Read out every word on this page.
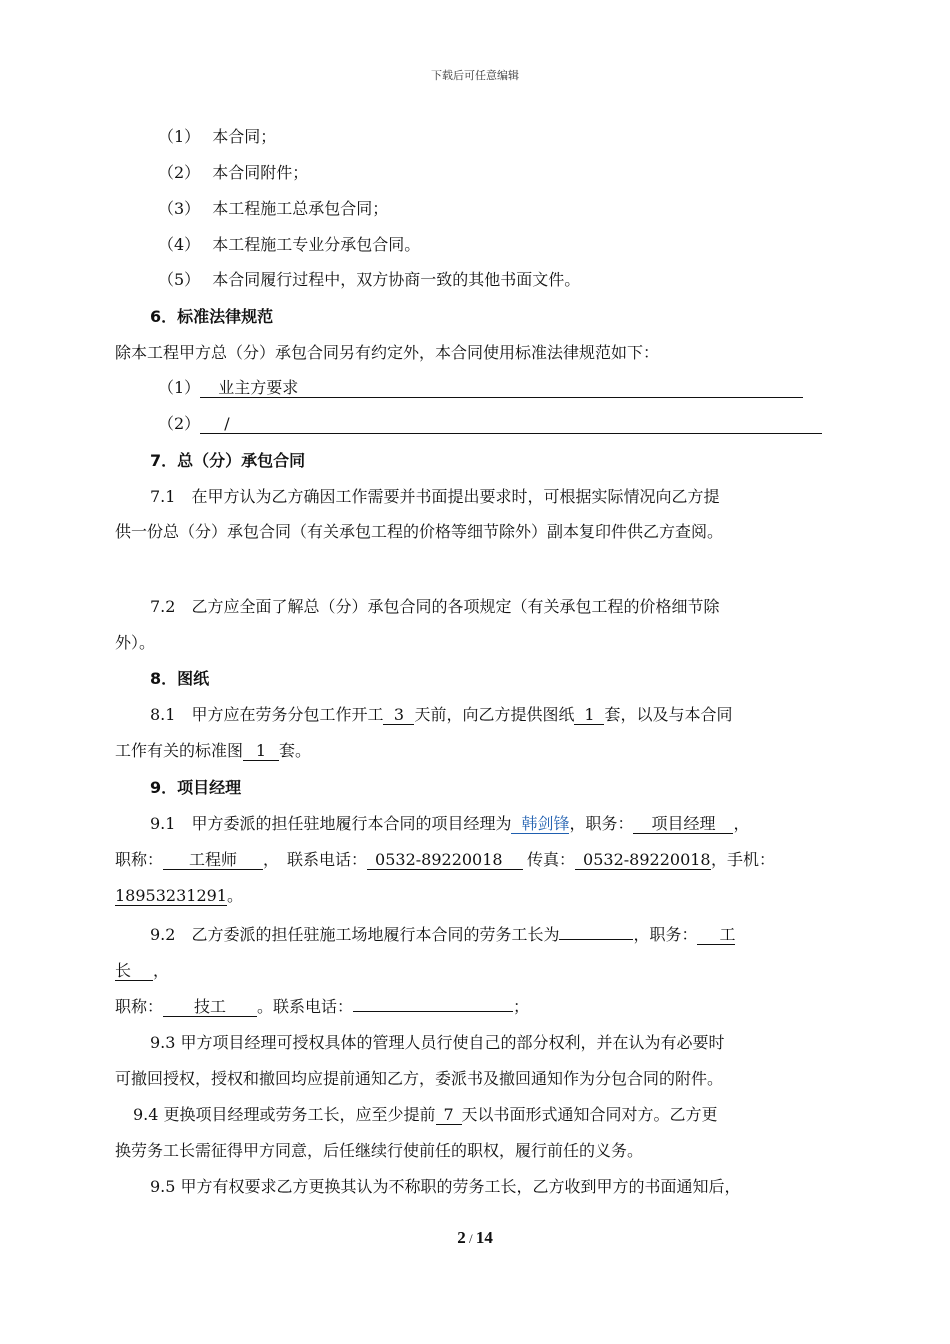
下载后可任意编辑
（1） 本合同；
（2） 本合同附件；
（3） 本工程施工总承包合同；
（4） 本工程施工专业分承包合同。
（5） 本合同履行过程中，双方协商一致的其他书面文件。
6．标准法律规范
除本工程甲方总（分）承包合同另有约定外，本合同使用标准法律规范如下：
（1） 业主方要求
（2） /
7．总（分）承包合同
7.1　在甲方认为乙方确因工作需要并书面提出要求时，可根据实际情况向乙方提
供一份总（分）承包合同（有关承包工程的价格等细节除外）副本复印件供乙方查阅。
7.2　乙方应全面了解总（分）承包合同的各项规定（有关承包工程的价格细节除
外）。
8．图纸
8.1　甲方应在劳务分包工作开工 3 天前，向乙方提供图纸 1 套，以及与本合同
工作有关的标准图 1 套。
9．项目经理
9.1　甲方委派的担任驻地履行本合同的项目经理为 韩剑锋，职务： 项目经理 ，
职称： 工程师 ，　联系电话： 0532-89220018 传真： 0532-89220018，手机：
18953231291。
9.2　乙方委派的担任驻施工场地履行本合同的劳务工长为	，职务： 工
长 ，
职称： 技工 。联系电话：	；
9.3 甲方项目经理可授权具体的管理人员行使自己的部分权利，并在认为有必要时
可撤回授权，授权和撤回均应提前通知乙方，委派书及撤回通知作为分包合同的附件。
9.4 更换项目经理或劳务工长，应至少提前 7 天以书面形式通知合同对方。乙方更
换劳务工长需征得甲方同意，后任继续行使前任的职权，履行前任的义务。
9.5 甲方有权要求乙方更换其认为不称职的劳务工长，乙方收到甲方的书面通知后，
2 / 14
